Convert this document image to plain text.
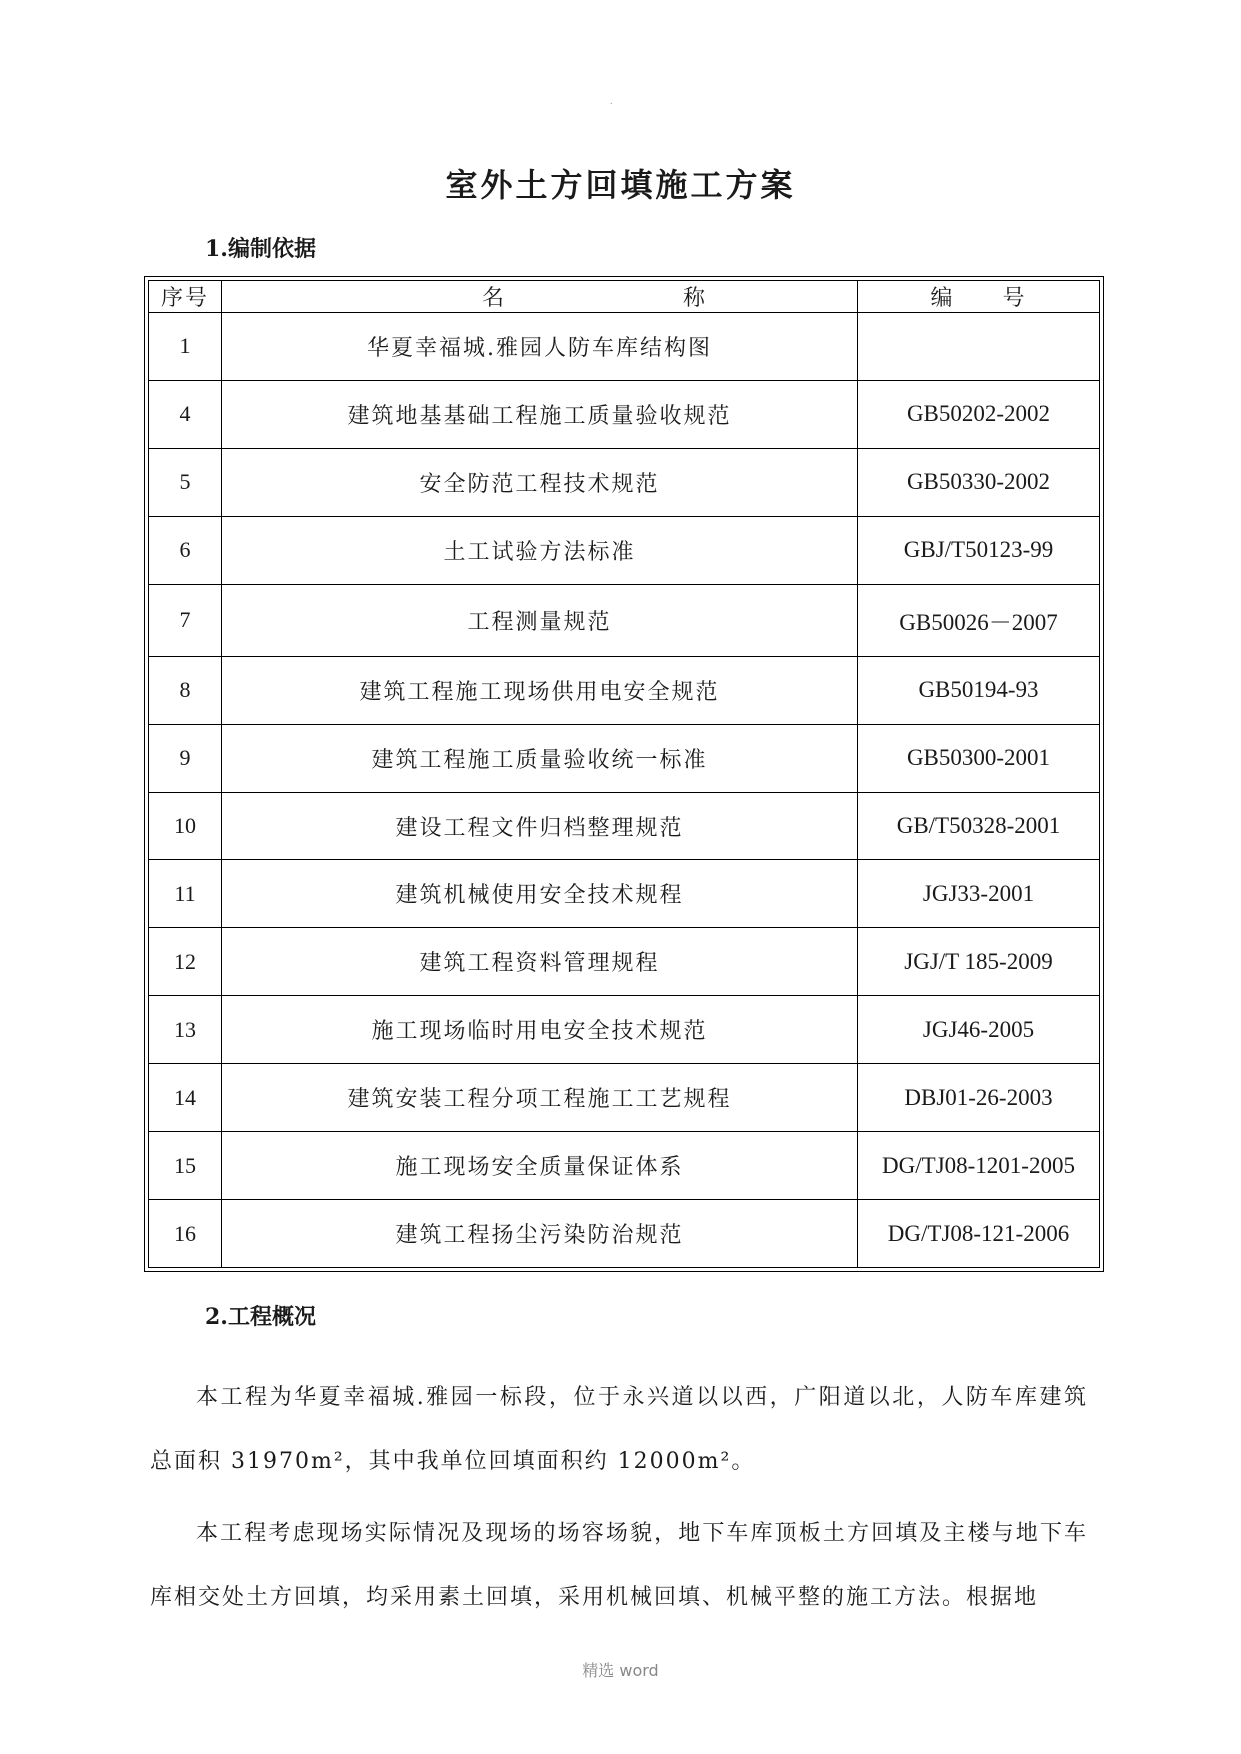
.
室外土方回填施工方案
1.编制依据
序号	名 称	编 号

1	华夏幸福城.雅园人防车库结构图	
4	建筑地基基础工程施工质量验收规范	GB50202-2002
5	安全防范工程技术规范	GB50330-2002
6	土工试验方法标准	GBJ/T50123-99
7	工程测量规范	GB50026－2007
8	建筑工程施工现场供用电安全规范	GB50194-93
9	建筑工程施工质量验收统一标准	GB50300-2001
10	建设工程文件归档整理规范	GB/T50328-2001
11	建筑机械使用安全技术规程	JGJ33-2001
12	建筑工程资料管理规程	JGJ/T 185-2009
13	施工现场临时用电安全技术规范	JGJ46-2005
14	建筑安装工程分项工程施工工艺规程	DBJ01-26-2003
15	施工现场安全质量保证体系	DG/TJ08-1201-2005
16	建筑工程扬尘污染防治规范	DG/TJ08-121-2006
2.工程概况

本工程为华夏幸福城.雅园一标段，位于永兴道以以西，广阳道以北，人防车库建筑总面积 31970m²，其中我单位回填面积约 12000m²。

本工程考虑现场实际情况及现场的场容场貌，地下车库顶板土方回填及主楼与地下车库相交处土方回填，均采用素土回填，采用机械回填、机械平整的施工方法。根据地

精选 word
